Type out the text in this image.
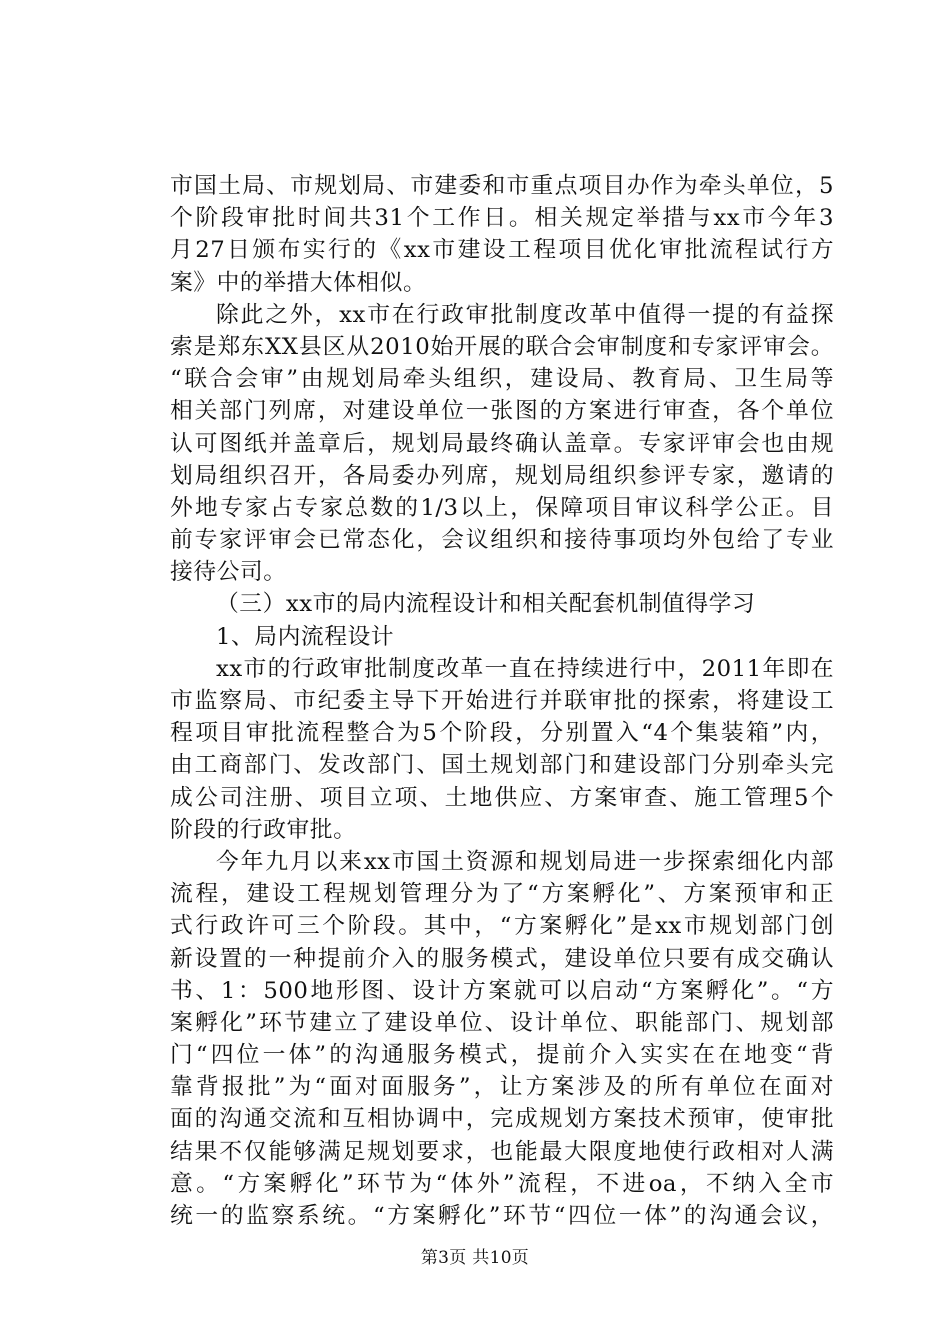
市国土局、市规划局、市建委和市重点项目办作为牵头单位，5
个阶段审批时间共31个工作日。相关规定举措与xx市今年3
月27日颁布实行的《xx市建设工程项目优化审批流程试行方
案》中的举措大体相似。
除此之外，xx市在行政审批制度改革中值得一提的有益探
索是郑东XX县区从2010始开展的联合会审制度和专家评审会。
“联合会审”由规划局牵头组织，建设局、教育局、卫生局等
相关部门列席，对建设单位一张图的方案进行审查，各个单位
认可图纸并盖章后，规划局最终确认盖章。专家评审会也由规
划局组织召开，各局委办列席，规划局组织参评专家，邀请的
外地专家占专家总数的1/3以上，保障项目审议科学公正。目
前专家评审会已常态化，会议组织和接待事项均外包给了专业
接待公司。
（三）xx市的局内流程设计和相关配套机制值得学习
1、局内流程设计
xx市的行政审批制度改革一直在持续进行中，2011年即在
市监察局、市纪委主导下开始进行并联审批的探索，将建设工
程项目审批流程整合为5个阶段，分别置入“4个集装箱”内，
由工商部门、发改部门、国土规划部门和建设部门分别牵头完
成公司注册、项目立项、土地供应、方案审查、施工管理5个
阶段的行政审批。
今年九月以来xx市国土资源和规划局进一步探索细化内部
流程，建设工程规划管理分为了“方案孵化”、方案预审和正
式行政许可三个阶段。其中，“方案孵化”是xx市规划部门创
新设置的一种提前介入的服务模式，建设单位只要有成交确认
书、1：500地形图、设计方案就可以启动“方案孵化”。“方
案孵化”环节建立了建设单位、设计单位、职能部门、规划部
门“四位一体”的沟通服务模式，提前介入实实在在地变“背
靠背报批”为“面对面服务”，让方案涉及的所有单位在面对
面的沟通交流和互相协调中，完成规划方案技术预审，使审批
结果不仅能够满足规划要求，也能最大限度地使行政相对人满
意。“方案孵化”环节为“体外”流程，不进oa，不纳入全市
统一的监察系统。“方案孵化”环节“四位一体”的沟通会议，
第3页 共10页
